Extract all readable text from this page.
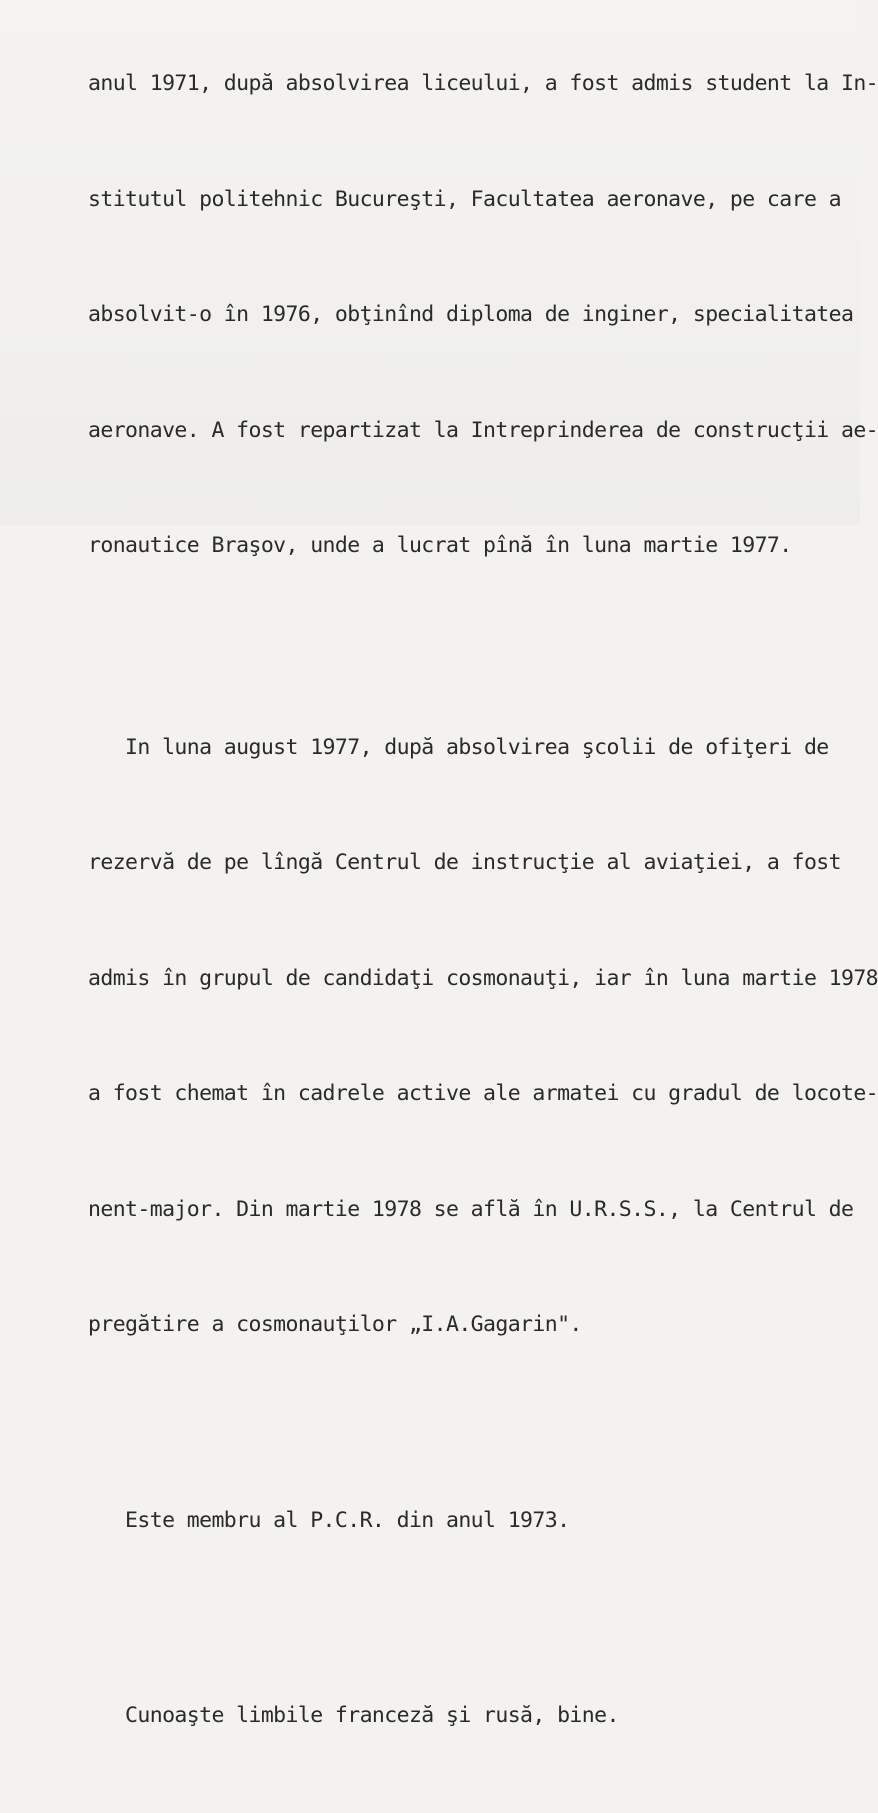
anul 1971, după absolvirea liceului, a fost admis student la In-

stitutul politehnic Bucureşti, Facultatea aeronave, pe care a

absolvit-o în 1976, obţinînd diploma de inginer, specialitatea

aeronave. A fost repartizat la Intreprinderea de construcţii ae-

ronautice Braşov, unde a lucrat pînă în luna martie 1977.

In luna august 1977, după absolvirea şcolii de ofiţeri de

rezervă de pe lîngă Centrul de instrucţie al aviaţiei, a fost

admis în grupul de candidaţi cosmonauţi, iar în luna martie 1978

a fost chemat în cadrele active ale armatei cu gradul de locote-

nent-major. Din martie 1978 se află în U.R.S.S., la Centrul de

pregătire a cosmonauţilor „I.A.Gagarin".

Este membru al P.C.R. din anul 1973.

Cunoaşte limbile franceză şi rusă, bine.
